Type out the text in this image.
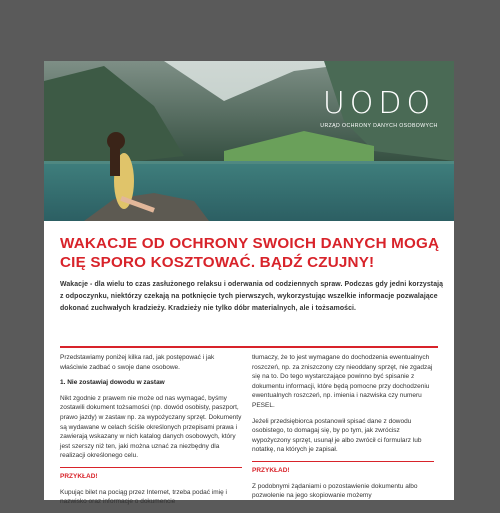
UODO
URZĄD OCHRONY DANYCH OSOBOWYCH
WAKACJE OD OCHRONY SWOICH DANYCH MOGĄ CIĘ SPORO KOSZTOWAĆ. BĄDŹ CZUJNY!
Wakacje - dla wielu to czas zasłużonego relaksu i oderwania od codziennych spraw. Podczas gdy jedni korzystają z odpoczynku, niektórzy czekają na potknięcie tych pierwszych, wykorzystując wszelkie informacje pozwalające dokonać zuchwałych kradzieży. Kradzieży nie tylko dóbr materialnych, ale i tożsamości.

Przedstawiamy poniżej kilka rad, jak postępować i jak właściwie zadbać o swoje dane osobowe.

1. Nie zostawiaj dowodu w zastaw

Nikt zgodnie z prawem nie może od nas wymagać, byśmy zostawili dokument tożsamości (np. dowód osobisty, paszport, prawo jazdy) w zastaw np. za wypożyczany sprzęt. Dokumenty są wydawane w celach ściśle określonych przepisami prawa i zawierają wskazany w nich katalog danych osobowych, który jest szerszy niż ten, jaki można uznać za niezbędny dla realizacji określonego celu.

PRZYKŁAD!

Kupując bilet na pociąg przez Internet, trzeba podać imię i nazwisko oraz informacje o dokumencie

tłumaczy, że to jest wymagane do dochodzenia ewentualnych roszczeń, np. za zniszczony czy nieoddany sprzęt, nie zgadzaj się na to. Do tego wystarczające powinno być spisanie z dokumentu informacji, które będą pomocne przy dochodzeniu ewentualnych roszczeń, np. imienia i nazwiska czy numeru PESEL.

Jeżeli przedsiębiorca postanowił spisać dane z dowodu osobistego, to domagaj się, by po tym, jak zwrócisz wypożyczony sprzęt, usunął je albo zwrócił ci formularz lub notatkę, na których je zapisał.

PRZYKŁAD!

Z podobnymi żądaniami o pozostawienie dokumentu albo pozwolenie na jego skopiowanie możemy
